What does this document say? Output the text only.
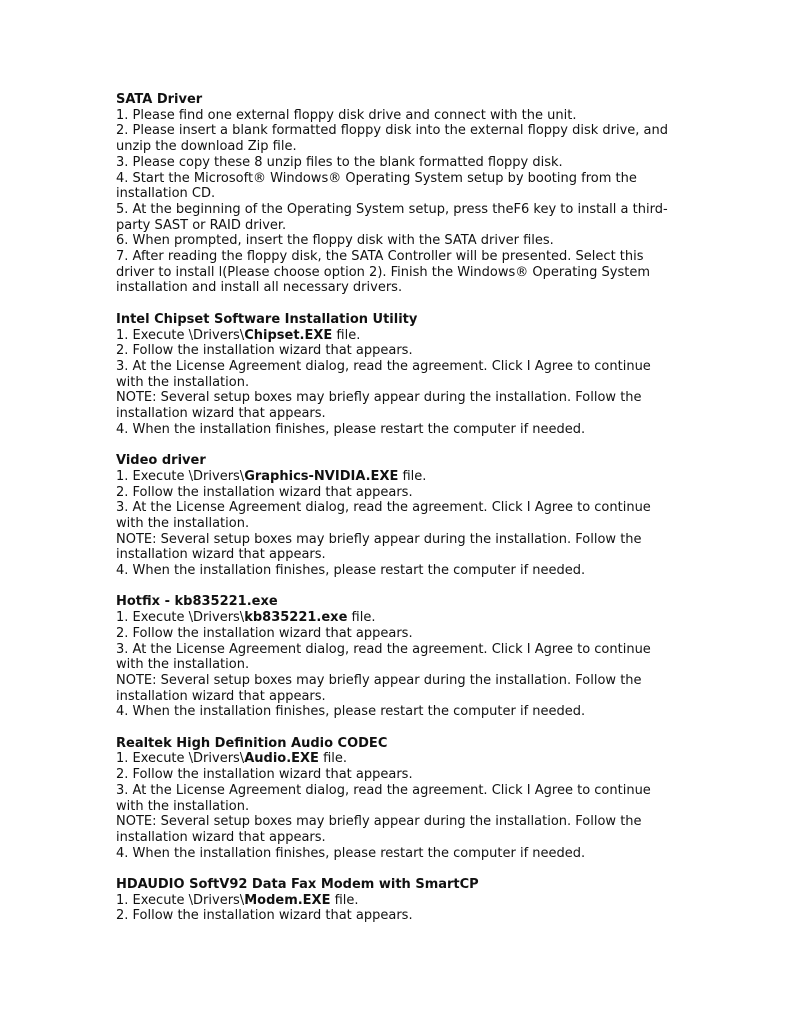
SATA Driver
1. Please find one external floppy disk drive and connect with the unit.
2. Please insert a blank formatted floppy disk into the external floppy disk drive, and unzip the download Zip file.
3. Please copy these 8 unzip files to the blank formatted floppy disk.
4. Start the Microsoft® Windows® Operating System setup by booting from the installation CD.
5. At the beginning of the Operating System setup, press theF6 key to install a third-party SAST or RAID driver.
6. When prompted, insert the floppy disk with the SATA driver files.
7. After reading the floppy disk, the SATA Controller will be presented. Select this driver to install l(Please choose option 2). Finish the Windows® Operating System installation and install all necessary drivers.
Intel Chipset Software Installation Utility
1. Execute \Drivers\Chipset.EXE file.
2. Follow the installation wizard that appears.
3. At the License Agreement dialog, read the agreement. Click I Agree to continue with the installation.
NOTE: Several setup boxes may briefly appear during the installation. Follow the installation wizard that appears.
4. When the installation finishes, please restart the computer if needed.
Video driver
1. Execute \Drivers\Graphics-NVIDIA.EXE file.
2. Follow the installation wizard that appears.
3. At the License Agreement dialog, read the agreement. Click I Agree to continue with the installation.
NOTE: Several setup boxes may briefly appear during the installation. Follow the installation wizard that appears.
4. When the installation finishes, please restart the computer if needed.
Hotfix - kb835221.exe
1. Execute \Drivers\kb835221.exe file.
2. Follow the installation wizard that appears.
3. At the License Agreement dialog, read the agreement. Click I Agree to continue with the installation.
NOTE: Several setup boxes may briefly appear during the installation. Follow the installation wizard that appears.
4. When the installation finishes, please restart the computer if needed.
Realtek High Definition Audio CODEC
1. Execute \Drivers\Audio.EXE file.
2. Follow the installation wizard that appears.
3. At the License Agreement dialog, read the agreement. Click I Agree to continue with the installation.
NOTE: Several setup boxes may briefly appear during the installation. Follow the installation wizard that appears.
4. When the installation finishes, please restart the computer if needed.
HDAUDIO SoftV92 Data Fax Modem with SmartCP
1. Execute \Drivers\Modem.EXE file.
2. Follow the installation wizard that appears.
